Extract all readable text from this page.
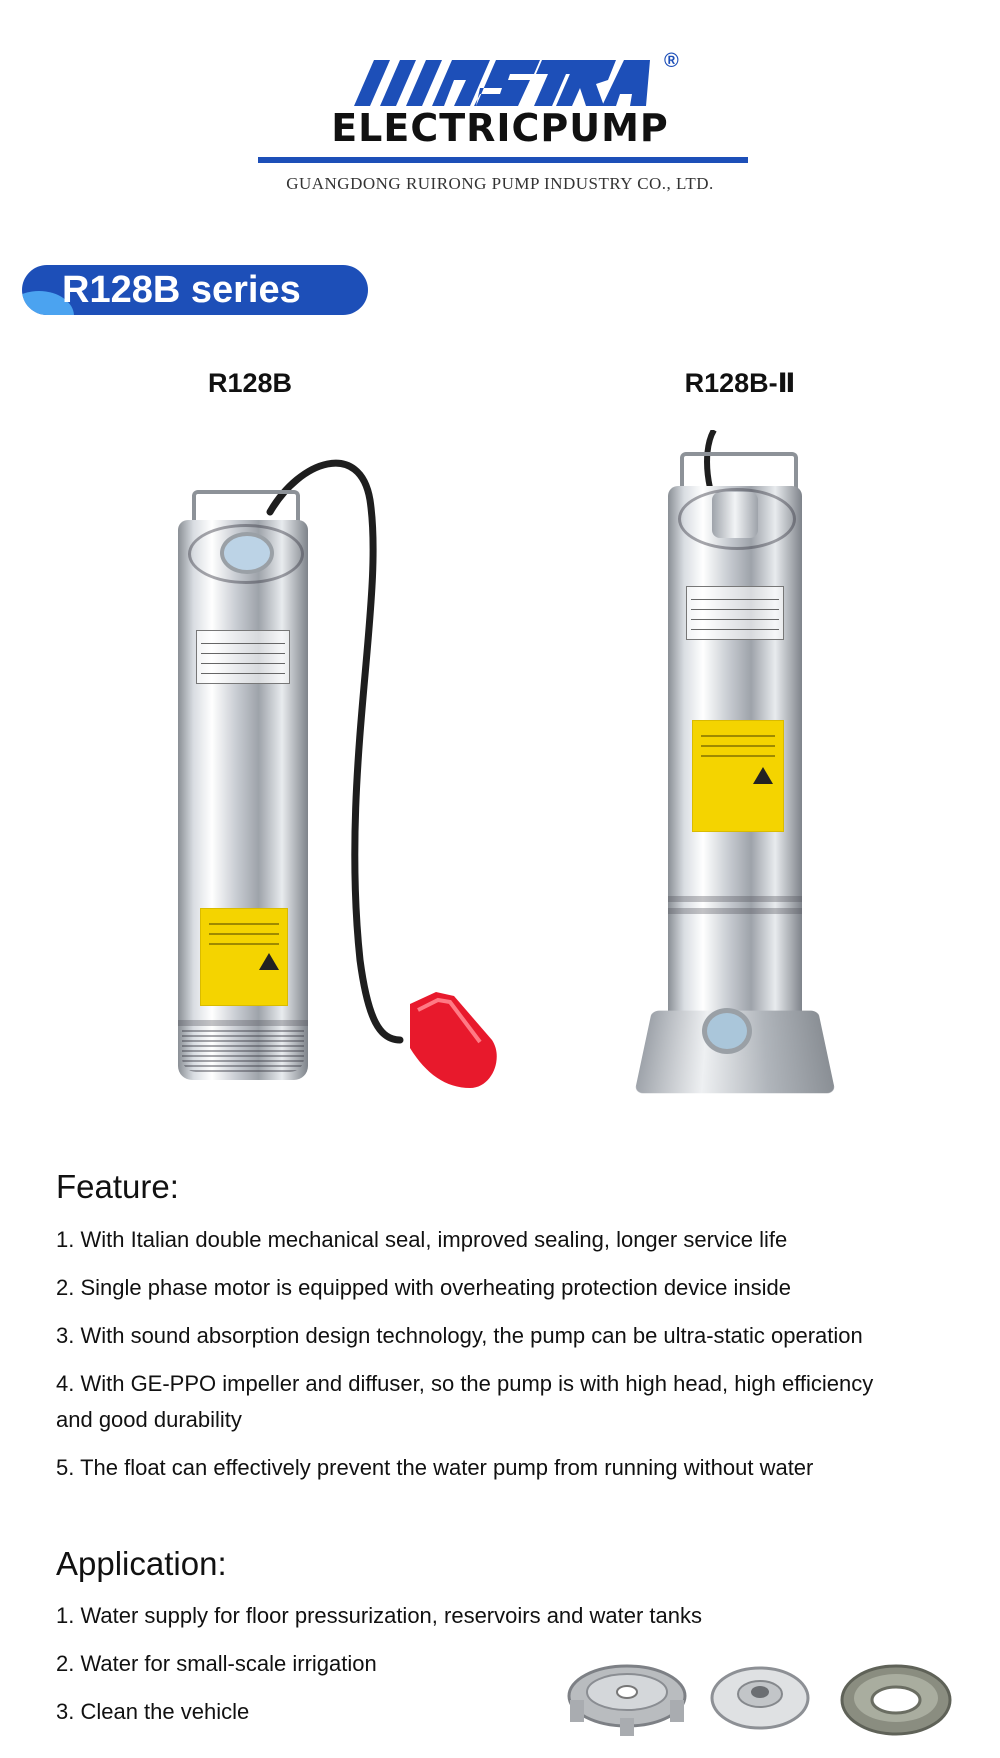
®
ELECTRICPUMP
GUANGDONG RUIRONG PUMP INDUSTRY CO., LTD.
R128B series
R128B	R128B-Ⅱ
Feature:
1. With Italian double mechanical seal, improved sealing, longer service life
2. Single phase motor is equipped with overheating protection device inside
3. With sound absorption design technology, the pump can be ultra-static operation
4. With GE-PPO impeller and diffuser, so the pump is with high head, high efficiency
and good durability
5. The float can effectively prevent the water pump from running without water
Application:
1. Water supply for floor pressurization, reservoirs and water tanks
2. Water for small-scale irrigation
3. Clean the vehicle
